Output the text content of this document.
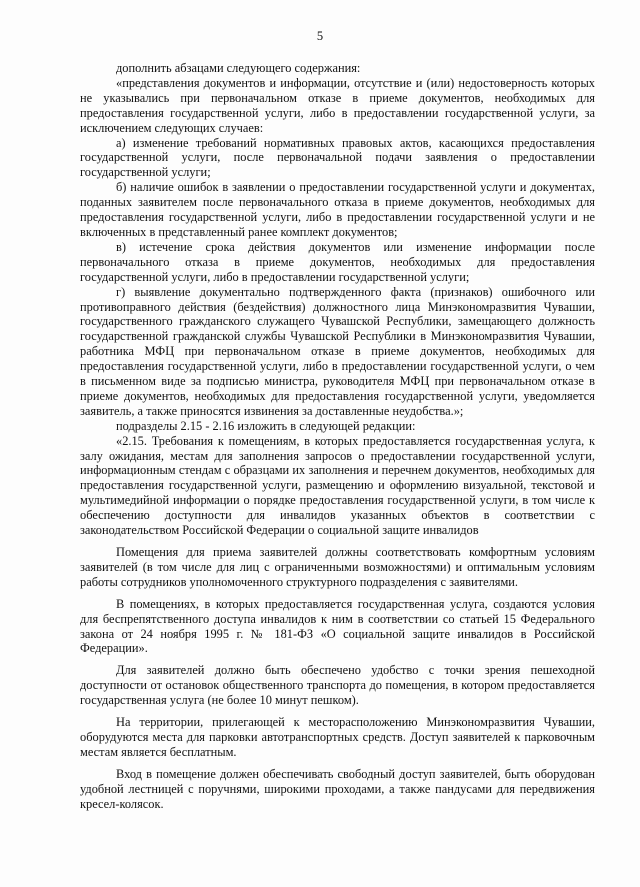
5

дополнить абзацами следующего содержания:

«представления документов и информации, отсутствие и (или) недостоверность которых не указывались при первоначальном отказе в приеме документов, необходимых для предоставления государственной услуги, либо в предоставлении государственной услуги, за исключением следующих случаев:

а) изменение требований нормативных правовых актов, касающихся предоставления государственной услуги, после первоначальной подачи заявления о предоставлении государственной услуги;

б) наличие ошибок в заявлении о предоставлении государственной услуги и документах, поданных заявителем после первоначального отказа в приеме документов, необходимых для предоставления государственной услуги, либо в предоставлении государственной услуги и не включенных в представленный ранее комплект документов;

в) истечение срока действия документов или изменение информации после первоначального отказа в приеме документов, необходимых для предоставления государственной услуги, либо в предоставлении государственной услуги;

г) выявление документально подтвержденного факта (признаков) ошибочного или противоправного действия (бездействия) должностного лица Минэкономразвития Чувашии, государственного гражданского служащего Чувашской Республики, замещающего должность государственной гражданской службы Чувашской Республики в Минэкономразвития Чувашии, работника МФЦ при первоначальном отказе в приеме документов, необходимых для предоставления государственной услуги, либо в предоставлении государственной услуги, о чем в письменном виде за подписью министра, руководителя МФЦ при первоначальном отказе в приеме документов, необходимых для предоставления государственной услуги, уведомляется заявитель, а также приносятся извинения за доставленные неудобства.»;

подразделы 2.15 - 2.16 изложить в следующей редакции:

«2.15. Требования к помещениям, в которых предоставляется государственная услуга, к залу ожидания, местам для заполнения запросов о предоставлении государственной услуги, информационным стендам с образцами их заполнения и перечнем документов, необходимых для предоставления государственной услуги, размещению и оформлению визуальной, текстовой и мультимедийной информации о порядке предоставления государственной услуги, в том числе к обеспечению доступности для инвалидов указанных объектов в соответствии с законодательством Российской Федерации о социальной защите инвалидов

Помещения для приема заявителей должны соответствовать комфортным условиям заявителей (в том числе для лиц с ограниченными возможностями) и оптимальным условиям работы сотрудников уполномоченного структурного подразделения с заявителями.

В помещениях, в которых предоставляется государственная услуга, создаются условия для беспрепятственного доступа инвалидов к ним в соответствии со статьей 15 Федерального закона от 24 ноября 1995 г. № 181-ФЗ «О социальной защите инвалидов в Российской Федерации».

Для заявителей должно быть обеспечено удобство с точки зрения пешеходной доступности от остановок общественного транспорта до помещения, в котором предоставляется государственная услуга (не более 10 минут пешком).

На территории, прилегающей к месторасположению Минэкономразвития Чувашии, оборудуются места для парковки автотранспортных средств. Доступ заявителей к парковочным местам является бесплатным.

Вход в помещение должен обеспечивать свободный доступ заявителей, быть оборудован удобной лестницей с поручнями, широкими проходами, а также пандусами для передвижения кресел-колясок.
